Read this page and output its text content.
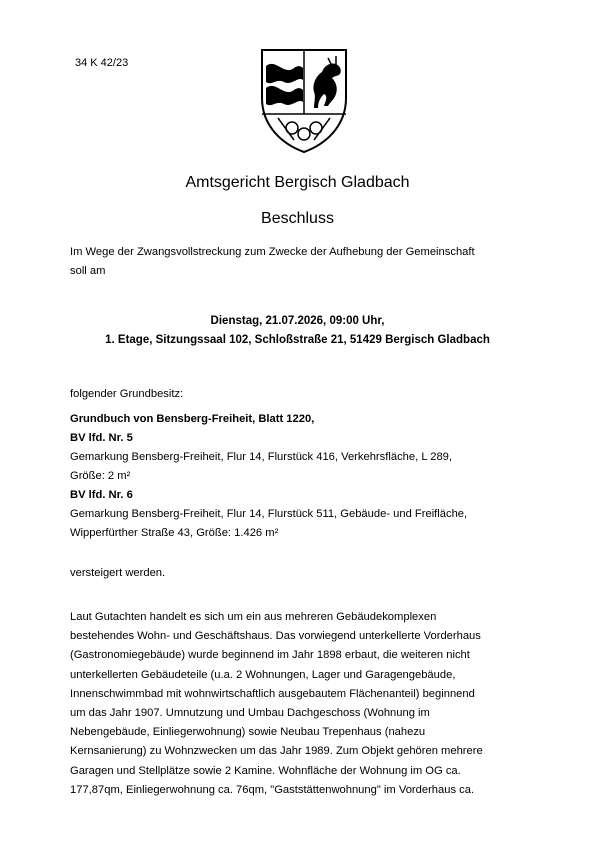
34 K 42/23
Amtsgericht Bergisch Gladbach
Beschluss
Im Wege der Zwangsvollstreckung zum Zwecke der Aufhebung der Gemeinschaft
soll am
Dienstag, 21.07.2026, 09:00 Uhr,
1. Etage, Sitzungssaal 102, Schloßstraße 21, 51429 Bergisch Gladbach
folgender Grundbesitz:
Grundbuch von Bensberg-Freiheit, Blatt 1220,
BV lfd. Nr. 5
Gemarkung Bensberg-Freiheit, Flur 14, Flurstück 416, Verkehrsfläche, L 289,
Größe: 2 m²
BV lfd. Nr. 6
Gemarkung Bensberg-Freiheit, Flur 14, Flurstück 511, Gebäude- und Freifläche,
Wipperfürther Straße 43, Größe: 1.426 m²
versteigert werden.
Laut Gutachten handelt es sich um ein aus mehreren Gebäudekomplexen
bestehendes Wohn- und Geschäftshaus. Das vorwiegend unterkellerte Vorderhaus
(Gastronomiegebäude) wurde beginnend im Jahr 1898 erbaut, die weiteren nicht
unterkellerten Gebäudeteile (u.a. 2 Wohnungen, Lager und Garagengebäude,
Innenschwimmbad mit wohnwirtschaftlich ausgebautem Flächenanteil) beginnend
um das Jahr 1907. Umnutzung und Umbau Dachgeschoss (Wohnung im
Nebengebäude, Einliegerwohnung) sowie Neubau Trepenhaus (nahezu
Kernsanierung) zu Wohnzwecken um das Jahr 1989. Zum Objekt gehören mehrere
Garagen und Stellplätze sowie 2 Kamine. Wohnfläche der Wohnung im OG ca.
177,87qm, Einliegerwohnung ca. 76qm, "Gaststättenwohnung" im Vorderhaus ca.
